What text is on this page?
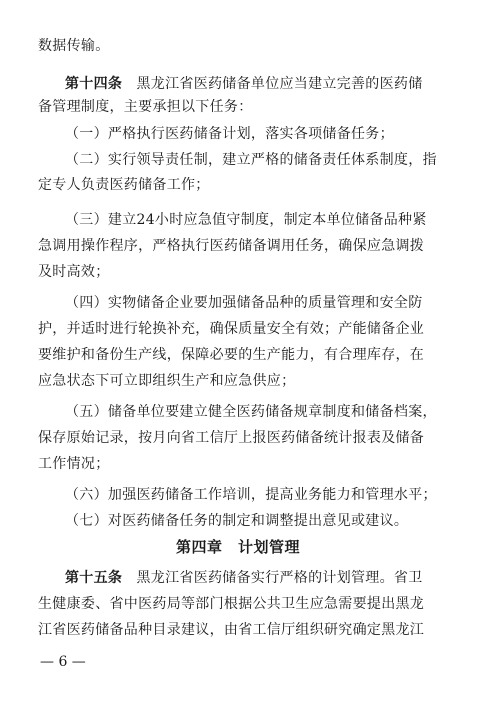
数据传输。
第十四条　黑龙江省医药储备单位应当建立完善的医药储
备管理制度，主要承担以下任务：
（一）严格执行医药储备计划，落实各项储备任务；
（二）实行领导责任制，建立严格的储备责任体系制度，指
定专人负责医药储备工作；
（三）建立24小时应急值守制度，制定本单位储备品种紧
急调用操作程序，严格执行医药储备调用任务，确保应急调拨
及时高效；
（四）实物储备企业要加强储备品种的质量管理和安全防
护，并适时进行轮换补充，确保质量安全有效；产能储备企业
要维护和备份生产线，保障必要的生产能力，有合理库存，在
应急状态下可立即组织生产和应急供应；
（五）储备单位要建立健全医药储备规章制度和储备档案，
保存原始记录，按月向省工信厅上报医药储备统计报表及储备
工作情况；
（六）加强医药储备工作培训，提高业务能力和管理水平；
（七）对医药储备任务的制定和调整提出意见或建议。
第四章　计划管理
第十五条　黑龙江省医药储备实行严格的计划管理。省卫
生健康委、省中医药局等部门根据公共卫生应急需要提出黑龙
江省医药储备品种目录建议，由省工信厅组织研究确定黑龙江
— 6 —
